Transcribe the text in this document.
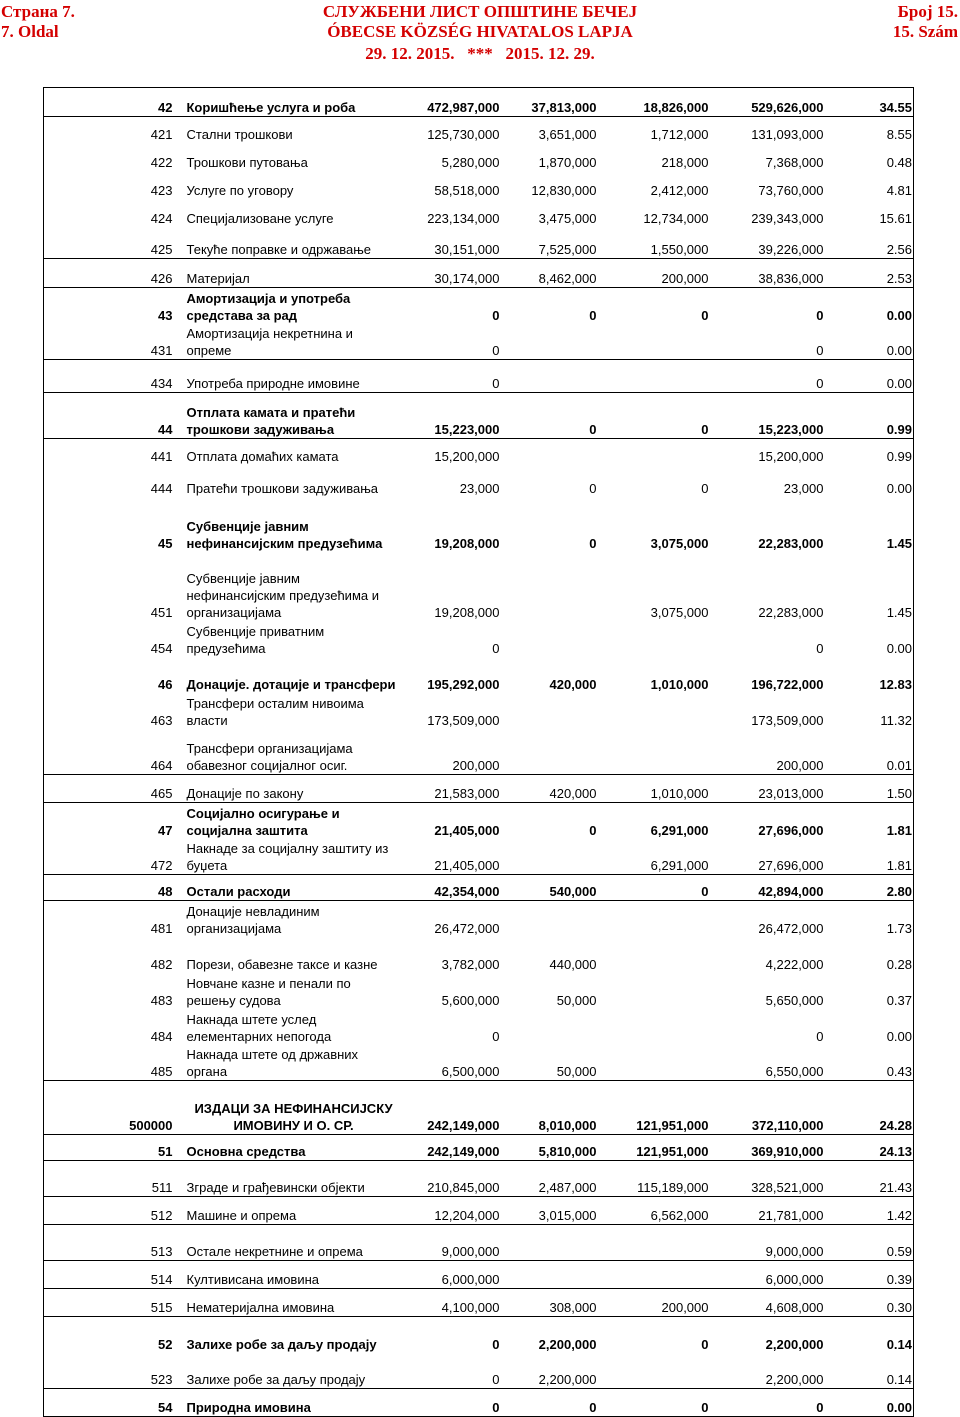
Страна 7.
7. Oldal
СЛУЖБЕНИ ЛИСТ ОПШТИНЕ БЕЧЕЈ
ÓBECSE KÖZSÉG HIVATALOS LAPJA
29. 12. 2015.   ***   2015. 12. 29.
Број 15.
15. Szám
42	Коришћење услуга и роба	472,987,000	37,813,000	18,826,000	529,626,000	34.55
421	Стални трошкови	125,730,000	3,651,000	1,712,000	131,093,000	8.55
422	Трошкови путовања	5,280,000	1,870,000	218,000	7,368,000	0.48
423	Услуге по уговору	58,518,000	12,830,000	2,412,000	73,760,000	4.81
424	Специјализоване услуге	223,134,000	3,475,000	12,734,000	239,343,000	15.61
425	Текуће поправке и одржавање	30,151,000	7,525,000	1,550,000	39,226,000	2.56
426	Материјал	30,174,000	8,462,000	200,000	38,836,000	2.53
43	Амортизација и употреба средстава за рад	0	0	0	0	0.00
431	Амортизација некретнина и опреме	0			0	0.00
434	Употреба природне имовине	0			0	0.00
44	Отплата камата и пратећи трошкови задуживања	15,223,000	0	0	15,223,000	0.99
441	Отплата домаћих камата	15,200,000			15,200,000	0.99
444	Пратећи трошкови задуживања	23,000	0	0	23,000	0.00
45	Субвенције јавним нефинансијским предузећима	19,208,000	0	3,075,000	22,283,000	1.45
451	Субвенције јавним нефинансијским предузећима и организацијама	19,208,000		3,075,000	22,283,000	1.45
454	Субвенције приватним предузећима	0			0	0.00
46	Донације. дотације и трансфери	195,292,000	420,000	1,010,000	196,722,000	12.83
463	Трансфери осталим нивоима власти	173,509,000			173,509,000	11.32
464	Трансфери организацијама обавезног социјалног осиг.	200,000			200,000	0.01
465	Донације по закону	21,583,000	420,000	1,010,000	23,013,000	1.50
47	Социјално осигурање и социјална заштита	21,405,000	0	6,291,000	27,696,000	1.81
472	Накнаде за социјалну заштиту из буџета	21,405,000		6,291,000	27,696,000	1.81
48	Остали расходи	42,354,000	540,000	0	42,894,000	2.80
481	Донације невладиним организацијама	26,472,000			26,472,000	1.73
482	Порези, обавезне таксе и казне	3,782,000	440,000		4,222,000	0.28
483	Новчане казне и пенали по решењу судова	5,600,000	50,000		5,650,000	0.37
484	Накнада штете услед елементарних непогода	0			0	0.00
485	Накнада штете од државних органа	6,500,000	50,000		6,550,000	0.43
500000	ИЗДАЦИ ЗА НЕФИНАНСИЈСКУ ИМОВИНУ И О. СР.	242,149,000	8,010,000	121,951,000	372,110,000	24.28
51	Основна средства	242,149,000	5,810,000	121,951,000	369,910,000	24.13
511	Зграде и грађевински објекти	210,845,000	2,487,000	115,189,000	328,521,000	21.43
512	Машине и опрема	12,204,000	3,015,000	6,562,000	21,781,000	1.42
513	Остале некретнине и опрема	9,000,000			9,000,000	0.59
514	Култивисана имовина	6,000,000			6,000,000	0.39
515	Нематеријална имовина	4,100,000	308,000	200,000	4,608,000	0.30
52	Залихе робе за даљу продају	0	2,200,000	0	2,200,000	0.14
523	Залихе робе за даљу продају	0	2,200,000		2,200,000	0.14
54	Природна имовина	0	0	0	0	0.00
